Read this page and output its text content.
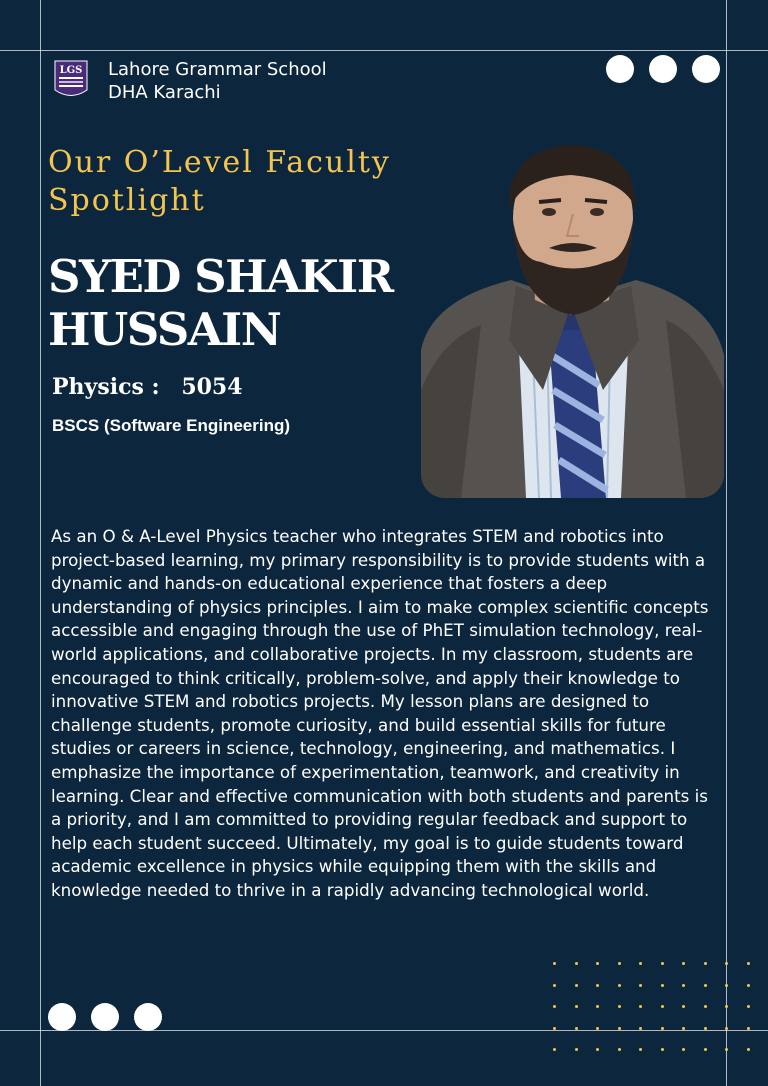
LGS Lahore Grammar School
DHA Karachi
Our O’Level Faculty Spotlight
SYED SHAKIR HUSSAIN
Physics : 5054
BSCS (Software Engineering)
As an O & A-Level Physics teacher who integrates STEM and robotics into project-based learning, my primary responsibility is to provide students with a dynamic and hands-on educational experience that fosters a deep understanding of physics principles. I aim to make complex scientific concepts accessible and engaging through the use of PhET simulation technology, real-world applications, and collaborative projects. In my classroom, students are encouraged to think critically, problem-solve, and apply their knowledge to innovative STEM and robotics projects. My lesson plans are designed to challenge students, promote curiosity, and build essential skills for future studies or careers in science, technology, engineering, and mathematics. I emphasize the importance of experimentation, teamwork, and creativity in learning. Clear and effective communication with both students and parents is a priority, and I am committed to providing regular feedback and support to help each student succeed. Ultimately, my goal is to guide students toward academic excellence in physics while equipping them with the skills and knowledge needed to thrive in a rapidly advancing technological world.
